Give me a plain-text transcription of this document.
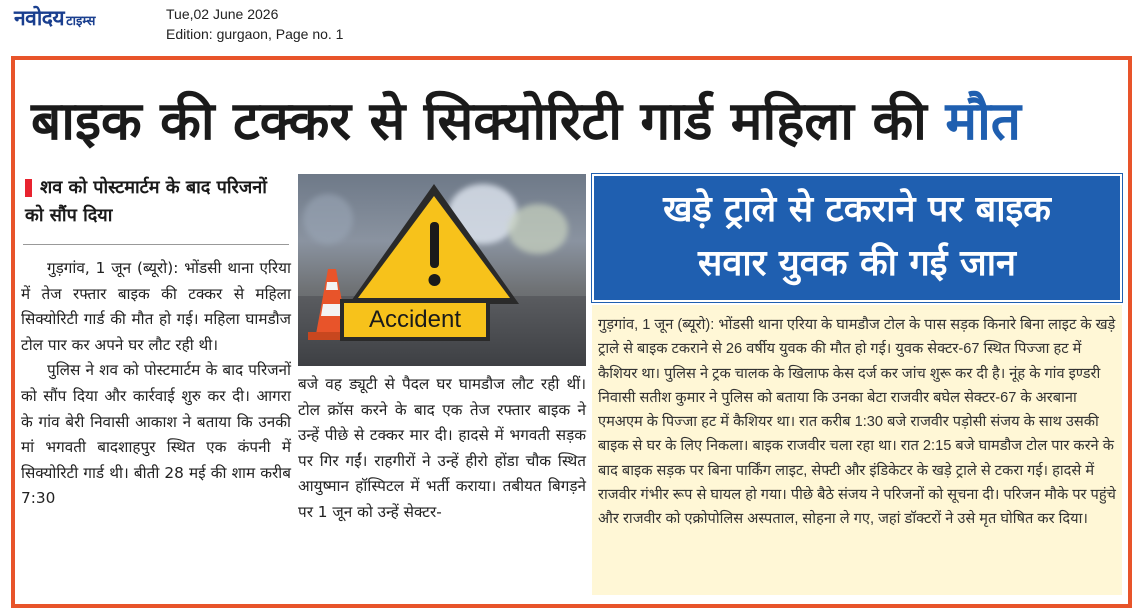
नवोदय टाइम्स	Tue,02 June 2026
Edition: gurgaon, Page no. 1
बाइक की टक्कर से सिक्योरिटी गार्ड महिला की मौत
शव को पोस्टमार्टम के बाद परिजनों को सौंप दिया

गुड़गांव, 1 जून (ब्यूरो): भोंडसी थाना एरिया में तेज रफ्तार बाइक की टक्कर से महिला सिक्योरिटी गार्ड की मौत हो गई। महिला घामडौज टोल पार कर अपने घर लौट रही थी।

पुलिस ने शव को पोस्टमार्टम के बाद परिजनों को सौंप दिया और कार्रवाई शुरु कर दी। आगरा के गांव बेरी निवासी आकाश ने बताया कि उनकी मां भगवती बादशाहपुर स्थित एक कंपनी में सिक्योरिटी गार्ड थी। बीती 28 मई की शाम करीब 7:30

Accident

बजे वह ड्यूटी से पैदल घर घामडौज लौट रही थीं। टोल क्रॉस करने के बाद एक तेज रफ्तार बाइक ने उन्हें पीछे से टक्कर मार दी। हादसे में भगवती सड़क पर गिर गईं। राहगीरों ने उन्हें हीरो होंडा चौक स्थित आयुष्मान हॉस्पिटल में भर्ती कराया। तबीयत बिगड़ने पर 1 जून को उन्हें सेक्टर-

खड़े ट्राले से टकराने पर बाइक
सवार युवक की गई जान

गुड़गांव, 1 जून (ब्यूरो): भोंडसी थाना एरिया के घामडौज टोल के पास सड़क किनारे बिना लाइट के खड़े ट्राले से बाइक टकराने से 26 वर्षीय युवक की मौत हो गई। युवक सेक्टर-67 स्थित पिज्जा हट में कैशियर था। पुलिस ने ट्रक चालक के खिलाफ केस दर्ज कर जांच शुरू कर दी है। नूंह के गांव इण्डरी निवासी सतीश कुमार ने पुलिस को बताया कि उनका बेटा राजवीर बघेल सेक्टर-67 के अरबाना एमअएम के पिज्जा हट में कैशियर था। रात करीब 1:30 बजे राजवीर पड़ोसी संजय के साथ उसकी बाइक से घर के लिए निकला। बाइक राजवीर चला रहा था। रात 2:15 बजे घामडौज टोल पार करने के बाद बाइक सड़क पर बिना पार्किंग लाइट, सेफ्टी और इंडिकेटर के खड़े ट्राले से टकरा गई। हादसे में राजवीर गंभीर रूप से घायल हो गया। पीछे बैठे संजय ने परिजनों को सूचना दी। परिजन मौके पर पहुंचे और राजवीर को एक्रोपोलिस अस्पताल, सोहना ले गए, जहां डॉक्टरों ने उसे मृत घोषित कर दिया।
